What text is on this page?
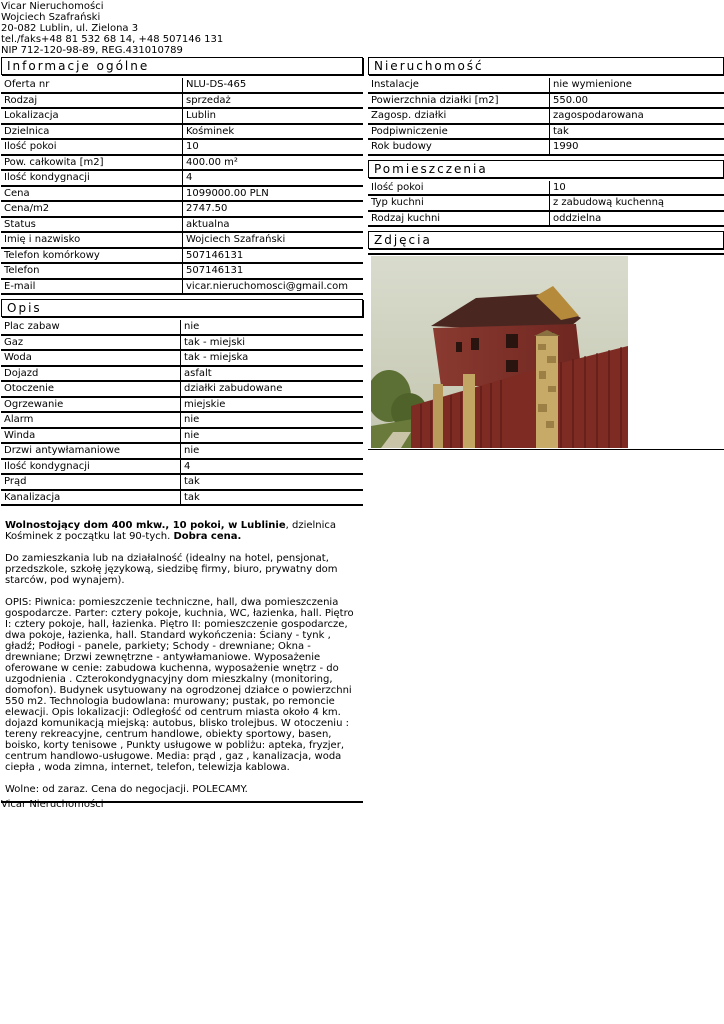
Vicar Nieruchomości
Wojciech Szafrański
20-082 Lublin, ul. Zielona 3
tel./faks+48 81 532 68 14, +48 507146 131
NIP 712-120-98-89, REG.431010789
Informacje ogólne
Oferta nr	NLU-DS-465
Rodzaj	sprzedaż
Lokalizacja	Lublin
Dzielnica	Kośminek
Ilość pokoi	10
Pow. całkowita [m2]	400.00 m²
Ilość kondygnacji	4
Cena	1099000.00 PLN
Cena/m2	2747.50
Status	aktualna
Imię i nazwisko	Wojciech Szafrański
Telefon komórkowy	507146131
Telefon	507146131
E-mail	vicar.nieruchomosci@gmail.com
Opis
Plac zabaw	nie
Gaz	tak - miejski
Woda	tak - miejska
Dojazd	asfalt
Otoczenie	działki zabudowane
Ogrzewanie	miejskie
Alarm	nie
Winda	nie
Drzwi antywłamaniowe	nie
Ilość kondygnacji	4
Prąd	tak
Kanalizacja	tak

Wolnostojący dom 400 mkw., 10 pokoi, w Lublinie, dzielnica Kośminek z początku lat 90-tych. Dobra cena.

Do zamieszkania lub na działalność (idealny na hotel, pensjonat, przedszkole, szkołę językową, siedzibę firmy, biuro, prywatny dom starców, pod wynajem).

OPIS: Piwnica: pomieszczenie techniczne, hall, dwa pomieszczenia gospodarcze. Parter: cztery pokoje, kuchnia, WC, łazienka, hall. Piętro I: cztery pokoje, hall, łazienka. Piętro II: pomieszczenie gospodarcze, dwa pokoje, łazienka, hall. Standard wykończenia: Ściany - tynk , gładź; Podłogi - panele, parkiety; Schody - drewniane; Okna - drewniane; Drzwi zewnętrzne - antywłamaniowe. Wyposażenie oferowane w cenie: zabudowa kuchenna, wyposażenie wnętrz - do uzgodnienia . Czterokondygnacyjny dom mieszkalny (monitoring, domofon). Budynek usytuowany na ogrodzonej działce o powierzchni 550 m2. Technologia budowlana: murowany; pustak, po remoncie elewacji. Opis lokalizacji: Odległość od centrum miasta około 4 km. dojazd komunikacją miejską: autobus, blisko trolejbus. W otoczeniu : tereny rekreacyjne, centrum handlowe, obiekty sportowy, basen, boisko, korty tenisowe , Punkty usługowe w pobliżu: apteka, fryzjer, centrum handlowo-usługowe. Media: prąd , gaz , kanalizacja, woda ciepła , woda zimna, internet, telefon, telewizja kablowa.

Wolne: od zaraz. Cena do negocjacji. POLECAMY.

Nieruchomość
Instalacje	nie wymienione
Powierzchnia działki [m2]	550.00
Zagosp. działki	zagospodarowana
Podpiwniczenie	tak
Rok budowy	1990
Pomieszczenia
Ilość pokoi	10
Typ kuchni	z zabudową kuchenną
Rodzaj kuchni	oddzielna
Zdjęcia
Vicar Nieruchomości
